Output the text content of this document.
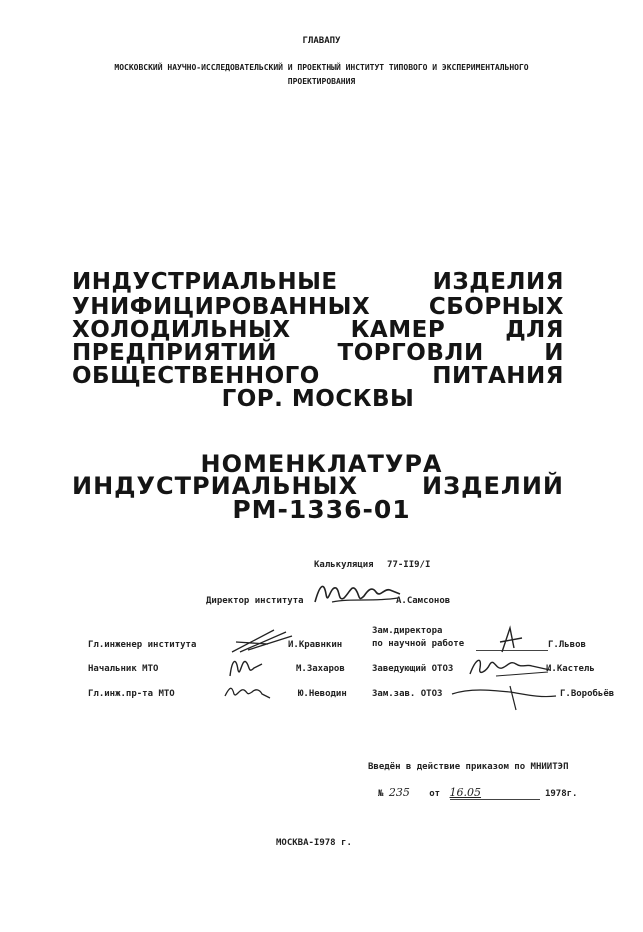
ГЛАВАПУ
МОСКОВСКИЙ НАУЧНО-ИССЛЕДОВАТЕЛЬСКИЙ И ПРОЕКТНЫЙ ИНСТИТУТ ТИПОВОГО И ЭКСПЕРИМЕНТАЛЬНОГО
ПРОЕКТИРОВАНИЯ
ИНДУСТРИАЛЬНЫЕ ИЗДЕЛИЯ
УНИФИЦИРОВАННЫХ СБОРНЫХ
ХОЛОДИЛЬНЫХ КАМЕР ДЛЯ
ПРЕДПРИЯТИЙ ТОРГОВЛИ И
ОБЩЕСТВЕННОГО ПИТАНИЯ
ГОР. МОСКВЫ
НОМЕНКЛАТУРА
ИНДУСТРИАЛЬНЫХ ИЗДЕЛИЙ
РМ-1336-01
Калькуляция 77-II9/I
Директор института	А.Самсонов
Гл.инженер института	И.Кравнкин
Начальник МТО	М.Захаров
Гл.инж.пр-та МТО	Ю.Неводин
Зам.директора
по научной работе	Г.Львов
Заведующий ОТОЗ	И.Кастель
Зам.зав. ОТОЗ	Г.Воробьёв
Введён в действие приказом по МНИИТЭП
№ 235 от 16.05	1978г.
МОСКВА-I978 г.
